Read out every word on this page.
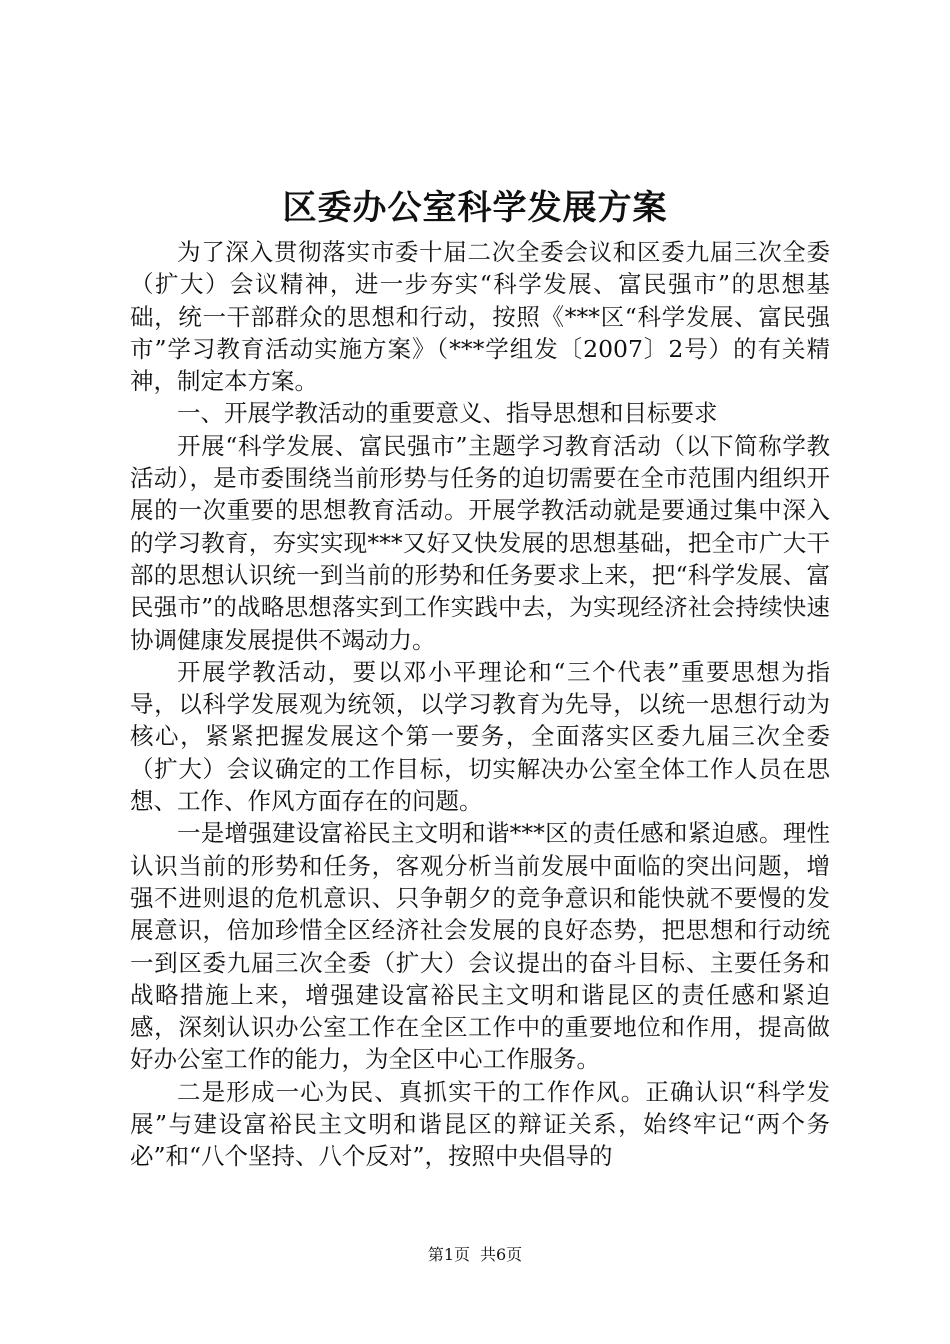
区委办公室科学发展方案

为了深入贯彻落实市委十届二次全委会议和区委九届三次全委（扩大）会议精神，进一步夯实“科学发展、富民强市”的思想基础，统一干部群众的思想和行动，按照《***区“科学发展、富民强市”学习教育活动实施方案》（***学组发〔2007〕2号）的有关精神，制定本方案。

一、开展学教活动的重要意义、指导思想和目标要求

开展“科学发展、富民强市”主题学习教育活动（以下简称学教活动），是市委围绕当前形势与任务的迫切需要在全市范围内组织开展的一次重要的思想教育活动。开展学教活动就是要通过集中深入的学习教育，夯实实现***又好又快发展的思想基础，把全市广大干部的思想认识统一到当前的形势和任务要求上来，把“科学发展、富民强市”的战略思想落实到工作实践中去，为实现经济社会持续快速协调健康发展提供不竭动力。

开展学教活动，要以邓小平理论和“三个代表”重要思想为指导，以科学发展观为统领，以学习教育为先导，以统一思想行动为核心，紧紧把握发展这个第一要务，全面落实区委九届三次全委（扩大）会议确定的工作目标，切实解决办公室全体工作人员在思想、工作、作风方面存在的问题。

一是增强建设富裕民主文明和谐***区的责任感和紧迫感。理性认识当前的形势和任务，客观分析当前发展中面临的突出问题，增强不进则退的危机意识、只争朝夕的竞争意识和能快就不要慢的发展意识，倍加珍惜全区经济社会发展的良好态势，把思想和行动统一到区委九届三次全委（扩大）会议提出的奋斗目标、主要任务和战略措施上来，增强建设富裕民主文明和谐昆区的责任感和紧迫感，深刻认识办公室工作在全区工作中的重要地位和作用，提高做好办公室工作的能力，为全区中心工作服务。

二是形成一心为民、真抓实干的工作作风。正确认识“科学发展”与建设富裕民主文明和谐昆区的辩证关系，始终牢记“两个务必”和“八个坚持、八个反对”，按照中央倡导的

第1页 共6页
